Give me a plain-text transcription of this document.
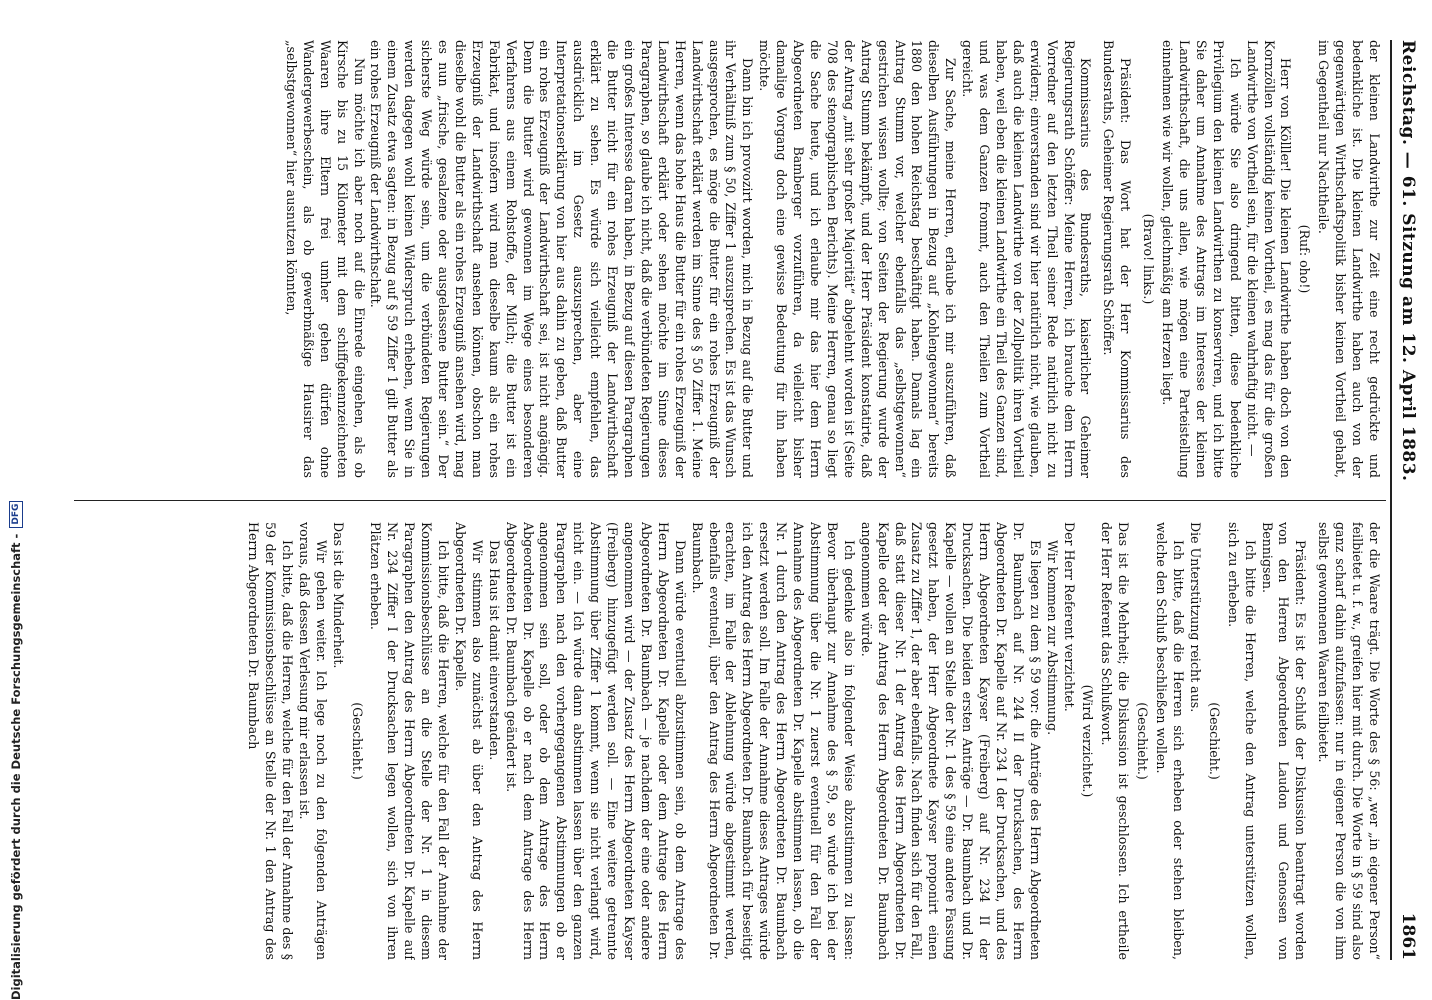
Reichstag. — 61. Sitzung am 12. April 1883.
1861

der kleinen Landwirthe zur Zeit eine recht gedrückte und bedenkliche ist. Die kleinen Landwirthe haben auch von der gegenwärtigen Wirthschaftspolitik bisher keinen Vortheil gehabt, im Gegentheil nur Nachtheile.

(Ruf: oho!)

Herr von Kölller! Die kleinen Landwirthe haben doch von den Kornzöllen vollständig keinen Vortheil, es mag das für die großen Landwirthe von Vortheil sein, für die kleinen wahrhaftig nicht. —

Ich würde Sie also dringend bitten, diese bedenkliche Privilegium den kleinen Landwirthen zu konserviren, und ich bitte Sie daher um Annahme des Antrags im Interesse der kleinen Landwirthschaft, die uns allen, wie mögen eine Parteistellung einnehmen wie wir wollen, gleichmäßig am Herzen liegt.

(Bravo! links.)

Präsident: Das Wort hat der Herr Kommissarius des Bundesraths, Geheimer Regierungsrath Schöffer.

Kommissarius des Bundesraths, kaiserlicher Geheimer Regierungsrath Schöffer: Meine Herren, ich brauche dem Herrn Vorredner auf den letzten Theil seiner Rede natürlich nicht zu erwidern; einverstanden sind wir hier natürlich nicht, wie glauben, daß auch die kleinen Landwirthe von der Zollpolitik ihren Vortheil haben, weil eben die kleinen Landwirthe ein Theil des Ganzen sind, und was dem Ganzen frommt, auch den Theilen zum Vortheil gereicht.

Zur Sache, meine Herren, erlaube ich mir auszuführen, daß dieselben Ausführungen in Bezug auf „Kohlengewonnen“ bereits 1880 den hohen Reichstag beschäftigt haben. Damals lag ein Antrag Stumm vor, welcher ebenfalls das „selbstgewonnen“ gestrichen wissen wollte; von Seiten der Regierung wurde der Antrag Stumm bekämpft, und der Herr Präsident konstatirte, daß der Antrag „mit sehr großer Majorität“ abgelehnt worden ist (Seite 708 des stenographischen Berichts). Meine Herren, genau so liegt die Sache heute, und ich erlaube mir das hier dem Herrn Abgeordneten Bamberger vorzuführen, da vielleicht bisher damalige Vorgang doch eine gewisse Bedeutung für ihn haben möchte.

Dann bin ich provozirt worden, mich in Bezug auf die Butter und ihr Verhältniß zum § 50, Ziffer 1 auszusprechen. Es ist das Wunsch ausgesprochen, es möge die Butter für ein rohes Erzeugniß der Landwirthschaft erklärt werden im Sinne des § 50 Ziffer 1. Meine Herren, wenn das hohe Haus die Butter für ein rohes Erzeugniß der Landwirthschaft erklärt oder sehen möchte im Sinne dieses Paragraphen, so glaube ich nicht, daß die verbündeten Regierungen ein großes Interesse daran haben, in Bezug auf diesen Paragraphen die Butter nicht für ein rohes Erzeugniß der Landwirthschaft erklärt zu sehen. Es würde sich vielleicht empfehlen, das ausdrücklich im Gesetz auszusprechen, aber eine Interpretationserklärung von hier aus dahin zu geben, daß Butter ein rohes Erzeugniß der Landwirthschaft sei, ist nicht angängig. Denn die Butter wird gewonnen im Wege eines besonderen Verfahrens aus einem Rohstoffe, der Milch; die Butter ist ein Fabrikat, und insofern wird man dieselbe kaum als ein rohes Erzeugniß der Landwirthschaft ansehen können, obschon man dieselbe wohl die Butter als ein rohes Erzeugniß ansehen wird, mag es nun „frische, gesalzene oder ausgelassene Butter sein.“ Der sicherste Weg würde sein, um die verbündeten Regierungen werden dagegen wohl keinen Widerspruch erheben, wenn Sie in einem Zusatz etwa sagten: in Bezug auf § 59 Ziffer 1 gilt Butter als ein rohes Erzeugniß der Landwirthschaft.

Nun möchte ich aber noch auf die Einrede eingehen, als ob Kirsche bis zu 15 Kilometer mit dem schiffgekennzeichneten Waaren ihre Eltern frei umher gehen dürfen ohne Wandergewerbeschein, als ob gewerbmäßige Hausirer das „selbstgewonnen“ hier ausnutzen könnten,

der die Waare trägt. Die Worte des § 56: „wer „in eigener Person“ feilbietet u. f. w., greifen hier mit durch. Die Worte in § 59 sind also ganz scharf dahin aufzufassen: nur in eigener Person die von ihm selbst gewonnenen Waaren feilbietet.

Präsident: Es ist der Schluß der Diskussion beantragt worden von den Herren Abgeordneten Laudon und Genossen von Bennigsen.

Ich bitte die Herren, welche den Antrag unterstützen wollen, sich zu erheben.

(Geschieht.)

Die Unterstützung reicht aus.

Ich bitte, daß die Herren sich erheben oder stehen bleiben, welche den Schluß beschließen wollen.

(Geschieht.)

Das ist die Mehrheit; die Diskussion ist geschlossen. Ich ertheile der Herr Referent das Schlußwort.

(Wird verzichtet.)

Der Herr Referent verzichtet.

Wir kommen zur Abstimmung.

Es liegen zu dem § 59 vor: die Anträge des Herrn Abgeordneten Dr. Baumbach auf Nr. 244 II der Drucksachen, des Herrn Abgeordneten Dr. Kapelle auf Nr. 234 I der Drucksachen, und des Herrn Abgeordneten Kayser (Freiberg) auf Nr. 234 II der Drucksachen. Die beiden ersten Anträge — Dr. Baumbach und Dr. Kapelle — wollen an Stelle der Nr. 1 des § 59 eine andere Fassung gesetzt haben, der Herr Abgeordnete Kayser proponirt einen Zusatz zu Ziffer 1, der aber ebenfalls. Nach finden sich für den Fall, daß statt dieser Nr. 1 der Antrag des Herrn Abgeordneten Dr. Kapelle oder der Antrag des Herrn Abgeordneten Dr. Baumbach angenommen würde.

Ich gedenke also in folgender Weise abzustimmen zu lassen: Bevor überhaupt zur Annahme des § 59, so würde ich bei der Abstimmung über die Nr. 1 zuerst eventuell für den Fall der Annahme des Abgeordneten Dr. Kapelle abstimmen lassen, ob die Nr. 1 durch den Antrag des Herrn Abgeordneten Dr. Baumbach ersetzt werden soll. Im Falle der Annahme dieses Antrages würde ich den Antrag des Herrn Abgeordneten Dr. Baumbach für beseitigt erachten, im Falle der Ablehnung würde abgestimmt werden, ebenfalls eventuell, über den Antrag des Herrn Abgeordneten Dr. Baumbach.

Dann würde eventuell abzustimmen sein, ob dem Antrage des Herrn Abgeordneten Dr. Kapelle oder dem Antrage des Herrn Abgeordneten Dr. Baumbach — je nachdem der eine oder andere angenommen wird — der Zusatz des Herrn Abgeordneten Kayser (Freiberg) hinzugefügt werden soll. — Eine weitere getrennte Abstimmung über Ziffer 1 kommt, wenn sie nicht verlangt wird, nicht ein. — Ich würde dann abstimmen lassen über den ganzen Paragraphen nach den vorhergegangenen Abstimmungen ob er angenommen sein soll, oder ob dem Antrage des Herrn Abgeordneten Dr. Kapelle ob er nach dem Antrage des Herrn Abgeordneten Dr. Baumbach geändert ist.

Das Haus ist damit einverstanden.

Wir stimmen also zunächst ab über den Antrag des Herrn Abgeordneten Dr. Kapelle.

Ich bitte, daß die Herren, welche für den Fall der Annahme der Kommissionsbeschlüsse an die Stelle der Nr. 1 in diesem Paragraphen den Antrag des Herrn Abgeordneten Dr. Kapelle auf Nr. 234 Ziffer I der Drucksachen legen wollen, sich von ihren Plätzen erheben.

(Geschieht.)

Das ist die Minderheit.

Wir gehen weiter. Ich lege noch zu den folgenden Anträgen voraus, daß dessen Verlesung mir erlassen ist.

Ich bitte, daß die Herren, welche für den Fall der Annahme des § 59 der Kommissionsbeschlüsse an Stelle der Nr. 1 den Antrag des Herrn Abgeordneten Dr. Baumbach

Digitalisierung gefördert durch die Deutsche Forschungsgemeinschaft -
DFG
